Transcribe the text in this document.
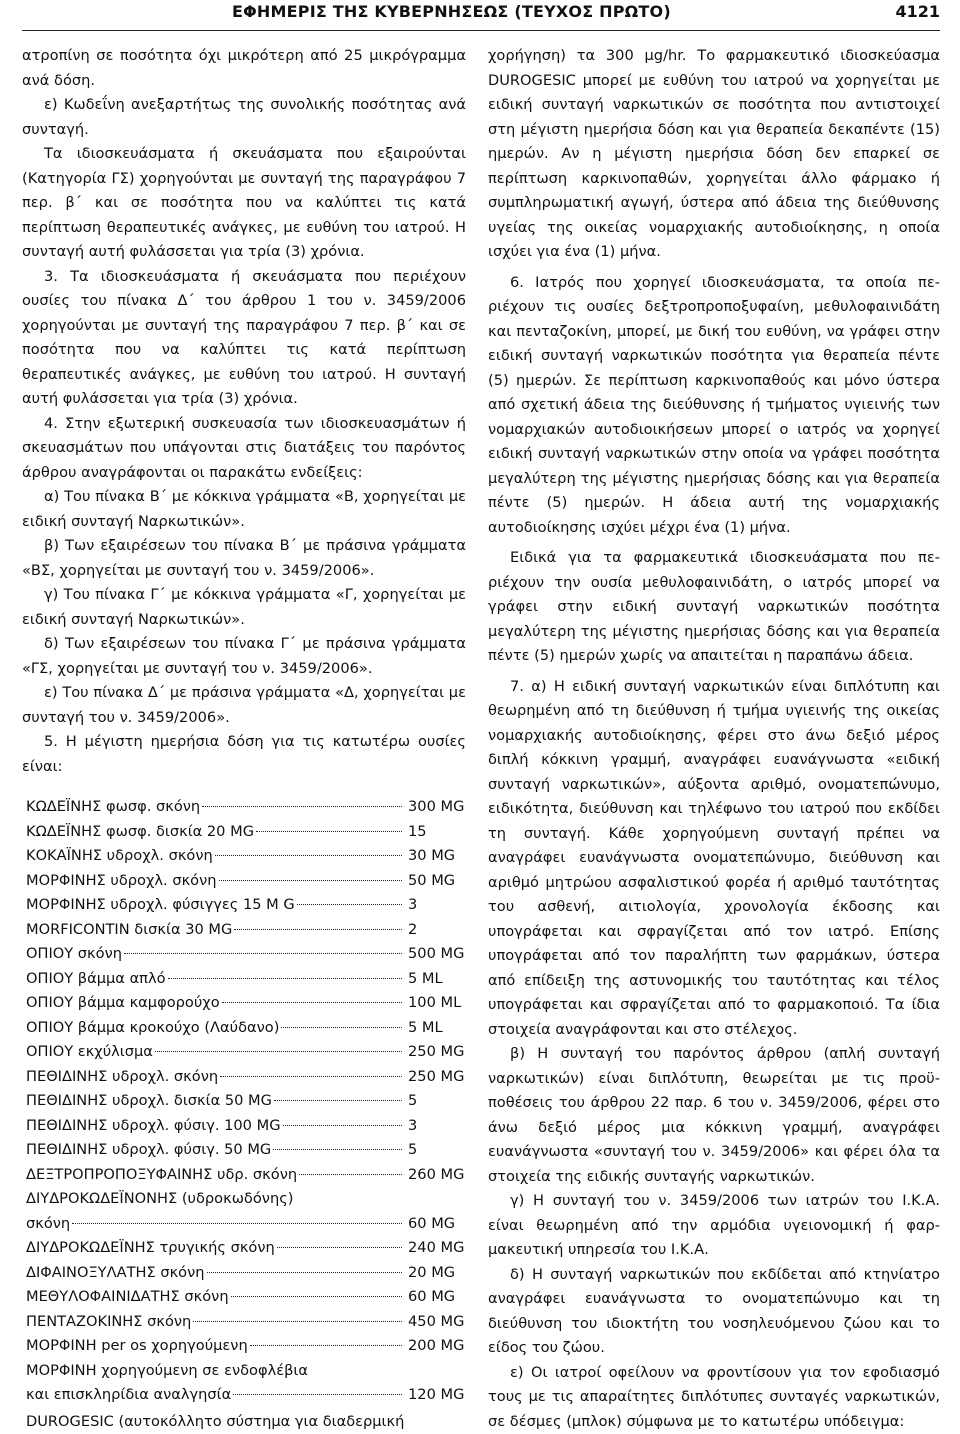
ΕΦΗΜΕΡΙΣ ΤΗΣ ΚΥΒΕΡΝΗΣΕΩΣ (ΤΕΥΧΟΣ ΠΡΩΤΟ)	4121

ατροπίνη σε ποσότητα όχι μικρότερη από 25 μικρόγραμμα ανά δόση.

ε) Κωδεΐνη ανεξαρτήτως της συνολικής ποσότητας ανά συνταγή.

Τα ιδιοσκευάσματα ή σκευάσματα που εξαιρούνται (Κατηγορία ΓΣ) χορηγούνται με συνταγή της παραγράφου 7 περ. β΄ και σε ποσότητα που να καλύπτει τις κατά περίπτωση θεραπευτικές ανάγκες, με ευθύνη του ιατρού. Η συνταγή αυτή φυλάσσεται για τρία (3) χρόνια.

3. Τα ιδιοσκευάσματα ή σκευάσματα που περιέχουν ουσίες του πίνακα Δ΄ του άρθρου 1 του ν. 3459/2006 χορηγούνται με συνταγή της παραγράφου 7 περ. β΄ και σε ποσότητα που να καλύπτει τις κατά περίπτωση θεραπευτικές ανάγκες, με ευθύνη του ιατρού. Η συνταγή αυτή φυλάσσεται για τρία (3) χρόνια.

4. Στην εξωτερική συσκευασία των ιδιοσκευασμάτων ή σκευασμάτων που υπάγονται στις διατάξεις του παρόντος άρθρου αναγράφονται οι παρακάτω ενδείξεις:

α) Του πίνακα Β΄ με κόκκινα γράμματα «Β, χορηγείται με ειδική συνταγή Ναρκωτικών».

β) Των εξαιρέσεων του πίνακα Β΄ με πράσινα γράμματα «ΒΣ, χορηγείται με συνταγή του ν. 3459/2006».

γ) Του πίνακα Γ΄ με κόκκινα γράμματα «Γ, χορηγείται με ειδική συνταγή Ναρκωτικών».

δ) Των εξαιρέσεων του πίνακα Γ΄ με πράσινα γράμματα «ΓΣ, χορηγείται με συνταγή του ν. 3459/2006».

ε) Του πίνακα Δ΄ με πράσινα γράμματα «Δ, χορηγείται με συνταγή του ν. 3459/2006».

5. Η μέγιστη ημερήσια δόση για τις κατωτέρω ουσίες είναι:

ΚΩΔΕΪΝΗΣ φωσφ. σκόνη	300 MG
ΚΩΔΕΪΝΗΣ φωσφ. δισκία 20 MG	15
ΚΟΚΑΪΝΗΣ υδροχλ. σκόνη	30 MG
ΜΟΡΦΙΝΗΣ υδροχλ. σκόνη	50 MG
ΜΟΡΦΙΝΗΣ υδροχλ. φύσιγγες 15 M G	3
MORFICONTIN δισκία 30 MG	2
ΟΠΙΟΥ σκόνη	500 MG
ΟΠΙΟΥ βάμμα απλό	5 ML
ΟΠΙΟΥ βάμμα καμφορούχο	100 ML
ΟΠΙΟΥ βάμμα κροκούχο (Λαύδανο)	5 ML
ΟΠΙΟΥ εκχύλισμα	250 MG
ΠΕΘΙΔΙΝΗΣ υδροχλ. σκόνη	250 MG
ΠΕΘΙΔΙΝΗΣ υδροχλ. δισκία 50 MG	5
ΠΕΘΙΔΙΝΗΣ υδροχλ. φύσιγ. 100 MG	3
ΠΕΘΙΔΙΝΗΣ υδροχλ. φύσιγ. 50 MG	5
ΔΕΞΤΡΟΠΡΟΠΟΞΥΦΑΙΝΗΣ υδρ. σκόνη	260 MG
ΔΙΥΔΡΟΚΩΔΕΪΝΟΝΗΣ (υδροκωδόνης)
σκόνη	60 MG
ΔΙΥΔΡΟΚΩΔΕΪΝΗΣ τρυγικής σκόνη	240 MG
ΔΙΦΑΙΝΟΞΥΛΑΤΗΣ σκόνη	20 MG
ΜΕΘΥΛΟΦΑΙΝΙΔΑΤΗΣ σκόνη	60 MG
ΠΕΝΤΑΖΟΚΙΝΗΣ σκόνη	450 MG
ΜΟΡΦΙΝΗ per os χορηγούμενη	200 MG
ΜΟΡΦΙΝΗ χορηγούμενη σε ενδοφλέβια
και επισκληρίδια αναλγησία	120 MG
DUROGESIC (αυτοκόλλητο σύστημα για διαδερμική

χορήγηση) τα 300 μg/hr. Το φαρμακευτικό ιδιοσκεύασμα DUROGESIC μπορεί με ευθύνη του ιατρού να χορηγείται με ειδική συνταγή ναρκωτικών σε ποσότητα που αντιστοιχεί στη μέγιστη ημερήσια δόση και για θεραπεία δεκαπέντε (15) ημερών. Αν η μέγιστη ημερήσια δόση δεν επαρκεί σε περίπτωση καρκινοπαθών, χορηγείται άλλο φάρμακο ή συμπληρωματική αγωγή, ύστερα από άδεια της διεύθυνσης υγείας της οικείας νομαρχιακής αυτοδιοίκησης, η οποία ισχύει για ένα (1) μήνα.

6. Ιατρός που χορηγεί ιδιοσκευάσματα, τα οποία περιέχουν τις ουσίες δεξτροπροποξυφαίνη, μεθυλοφαινιδάτη και πενταζοκίνη, μπορεί, με δική του ευθύνη, να γράφει στην ειδική συνταγή ναρκωτικών ποσότητα για θεραπεία πέντε (5) ημερών. Σε περίπτωση καρκινοπαθούς και μόνο ύστερα από σχετική άδεια της διεύθυνσης ή τμήματος υγιεινής των νομαρχιακών αυτοδιοικήσεων μπορεί ο ιατρός να χορηγεί ειδική συνταγή ναρκωτικών στην οποία να γράφει ποσότητα μεγαλύτερη της μέγιστης ημερήσιας δόσης και για θεραπεία πέντε (5) ημερών. Η άδεια αυτή της νομαρχιακής αυτοδιοίκησης ισχύει μέχρι ένα (1) μήνα.

Ειδικά για τα φαρμακευτικά ιδιοσκευάσματα που περιέχουν την ουσία μεθυλοφαινιδάτη, ο ιατρός μπορεί να γράφει στην ειδική συνταγή ναρκωτικών ποσότητα μεγαλύτερη της μέγιστης ημερήσιας δόσης και για θεραπεία πέντε (5) ημερών χωρίς να απαιτείται η παραπάνω άδεια.

7. α) Η ειδική συνταγή ναρκωτικών είναι διπλότυπη και θεωρημένη από τη διεύθυνση ή τμήμα υγιεινής της οικείας νομαρχιακής αυτοδιοίκησης, φέρει στο άνω δεξιό μέρος διπλή κόκκινη γραμμή, αναγράφει ευανάγνωστα «ειδική συνταγή ναρκωτικών», αύξοντα αριθμό, ονοματεπώνυμο, ειδικότητα, διεύθυνση και τηλέφωνο του ιατρού που εκδίδει τη συνταγή. Κάθε χορηγούμενη συνταγή πρέπει να αναγράφει ευανάγνωστα ονοματεπώνυμο, διεύθυνση και αριθμό μητρώου ασφαλιστικού φορέα ή αριθμό ταυτότητας του ασθενή, αιτιολογία, χρονολογία έκδοσης και υπογράφεται και σφραγίζεται από τον ιατρό. Επίσης υπογράφεται από τον παραλήπτη των φαρμάκων, ύστερα από επίδειξη της αστυνομικής του ταυτότητας και τέλος υπογράφεται και σφραγίζεται από το φαρμακοποιό. Τα ίδια στοιχεία αναγράφονται και στο στέλεχος.

β) Η συνταγή του παρόντος άρθρου (απλή συνταγή ναρκωτικών) είναι διπλότυπη, θεωρείται με τις προϋποθέσεις του άρθρου 22 παρ. 6 του ν. 3459/2006, φέρει στο άνω δεξιό μέρος μια κόκκινη γραμμή, αναγράφει ευανάγνωστα «συνταγή του ν. 3459/2006» και φέρει όλα τα στοιχεία της ειδικής συνταγής ναρκωτικών.

γ) Η συνταγή του ν. 3459/2006 των ιατρών του Ι.Κ.Α. είναι θεωρημένη από την αρμόδια υγειονομική ή φαρμακευτική υπηρεσία του Ι.Κ.Α.

δ) Η συνταγή ναρκωτικών που εκδίδεται από κτηνίατρο αναγράφει ευανάγνωστα το ονοματεπώνυμο και τη διεύθυνση του ιδιοκτήτη του νοσηλευόμενου ζώου και το είδος του ζώου.

ε) Οι ιατροί οφείλουν να φροντίσουν για τον εφοδιασμό τους με τις απαραίτητες διπλότυπες συνταγές ναρκωτικών, σε δέσμες (μπλοκ) σύμφωνα με το κατωτέρω υπόδειγμα:
